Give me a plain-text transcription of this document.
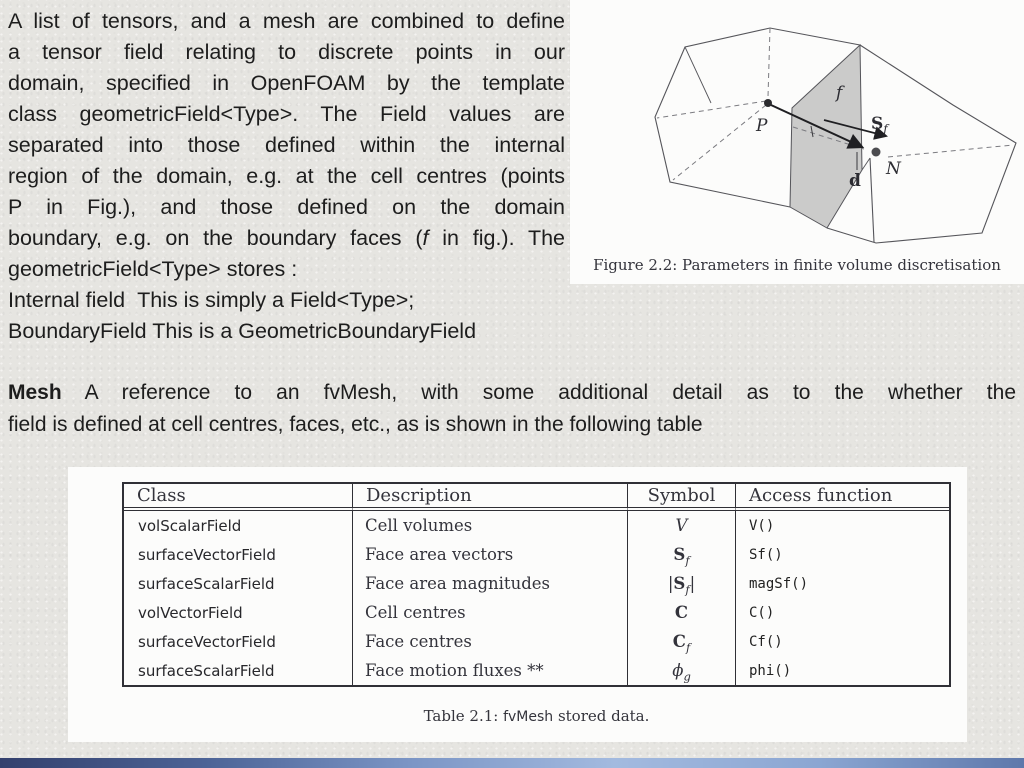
A list of tensors, and a mesh are combined to define
a tensor field relating to discrete points in our
domain, specified in OpenFOAM by the template
class geometricField<Type>. The Field values are
separated into those defined within the internal
region of the domain, e.g. at the cell centres (points
P in Fig.), and those defined on the domain
boundary, e.g. on the boundary faces (f in fig.). The
geometricField<Type> stores :
Internal field  This is simply a Field<Type>;
BoundaryField This is a GeometricBoundaryField
P
N
f
d
$S_f$
Figure 2.2: Parameters in finite volume discretisation
Mesh A reference to an fvMesh, with some additional detail as to the whether the
field is defined at cell centres, faces, etc., as is shown in the following table
Class	Description	Symbol	Access function
volScalarField	Cell volumes	V	V()
surfaceVectorField	Face area vectors	$S_f$	Sf()
surfaceScalarField	Face area magnitudes	$|S_f|$	magSf()
volVectorField	Cell centres	C	C()
surfaceVectorField	Face centres	$C_f$	Cf()
surfaceScalarField	Face motion fluxes **	$\phi_g$	phi()
Table 2.1: fvMesh stored data.
